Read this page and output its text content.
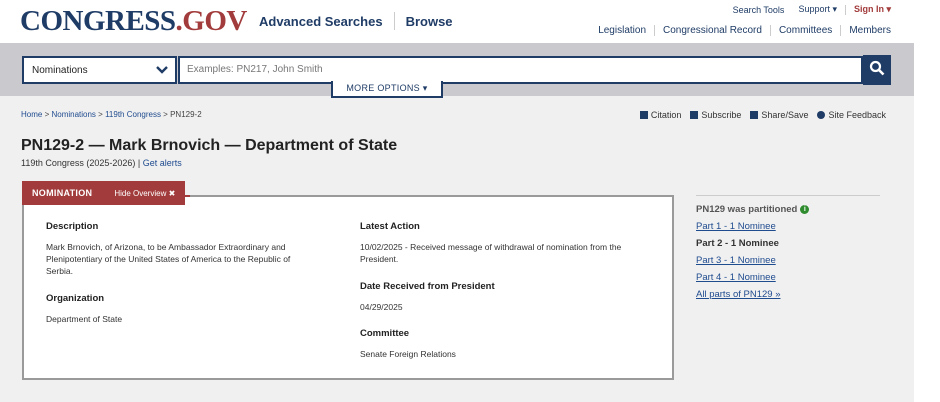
CONGRESS.GOV Advanced Searches Browse
Search Tools Support ▾ Sign In ▾
Legislation Congressional Record Committees Members
Nominations	Examples: PN217, John Smith
MORE OPTIONS ▾
Home > Nominations > 119th Congress > PN129-2	Citation Subscribe Share/Save Site Feedback
PN129-2 — Mark Brnovich — Department of State
119th Congress (2025-2026) | Get alerts
Description
Mark Brnovich, of Arizona, to be Ambassador Extraordinary and Plenipotentiary of the United States of America to the Republic of Serbia.
Organization
Department of State
Latest Action
10/02/2025 - Received message of withdrawal of nomination from the President.
Date Received from President
04/29/2025
Committee
Senate Foreign Relations
NOMINATION	Hide Overview ✖
PN129 was partitioned i
Part 1 - 1 Nominee
Part 2 - 1 Nominee
Part 3 - 1 Nominee
Part 4 - 1 Nominee
All parts of PN129 »
